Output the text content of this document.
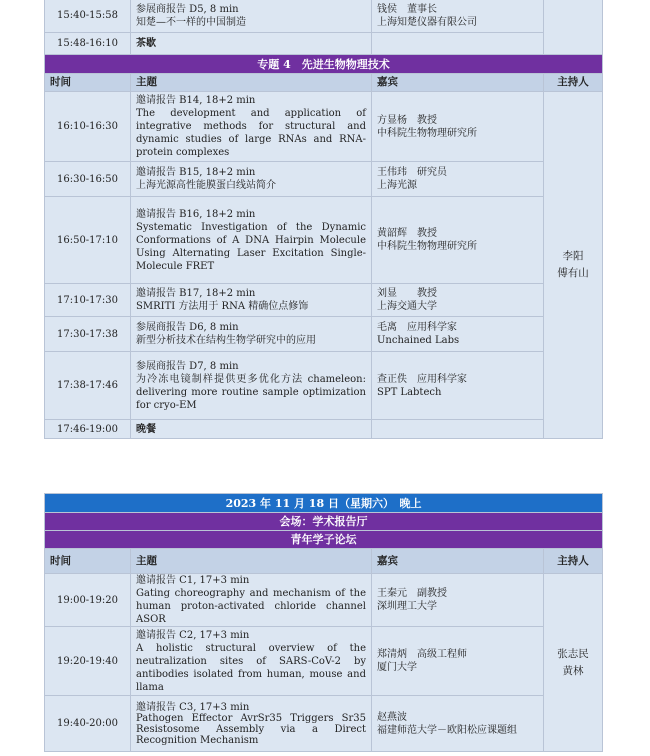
15:40-15:58	参展商报告 D5, 8 min
知楚—不一样的中国制造	钱侯　董事长
上海知楚仪器有限公司	

15:48-16:10	茶歇		
专题 4　先进生物物理技术			
时间	主题	嘉宾	主持人
16:10-16:30	邀请报告 B14, 18+2 min
The development and application of integrative methods for structural and dynamic studies of large RNAs and RNA-protein complexes	方显杨　教授
中科院生物物理研究所	李阳
傅有山

16:30-16:50	邀请报告 B15, 18+2 min
上海光源高性能膜蛋白线站简介	王伟玮　研究员
上海光源	

16:50-17:10	邀请报告 B16, 18+2 min
Systematic Investigation of the Dynamic Conformations of A DNA Hairpin Molecule Using Alternating Laser Excitation Single-Molecule FRET	黄韶辉　教授
中科院生物物理研究所	

17:10-17:30	邀请报告 B17, 18+2 min
SMRITI 方法用于 RNA 精确位点修饰	刘显　　教授
上海交通大学	

17:30-17:38	参展商报告 D6, 8 min
新型分析技术在结构生物学研究中的应用	毛离　应用科学家
Unchained Labs	

17:38-17:46	参展商报告 D7, 8 min
为冷冻电镜制样提供更多优化方法 chameleon: delivering more routine sample optimization for cryo-EM	查正佚　应用科学家
SPT Labtech	

17:46-19:00	晚餐		
2023 年 11 月 18 日（星期六）　晚上			
会场：学术报告厅			
青年学子论坛			
时间	主题	嘉宾	主持人
19:00-19:20	邀请报告 C1, 17+3 min
Gating choreography and mechanism of the human proton-activated chloride channel ASOR	王秦元　副教授
深圳理工大学	张志民
黄林

19:20-19:40	邀请报告 C2, 17+3 min
A holistic structural overview of the neutralization sites of SARS-CoV-2 by antibodies isolated from human, mouse and llama	郑清炳　高级工程师
厦门大学	

19:40-20:00	邀请报告 C3, 17+3 min
Pathogen Effector AvrSr35 Triggers Sr35 Resistosome Assembly via a Direct Recognition Mechanism	赵燕波
福建师范大学－欧阳松应课题组	
